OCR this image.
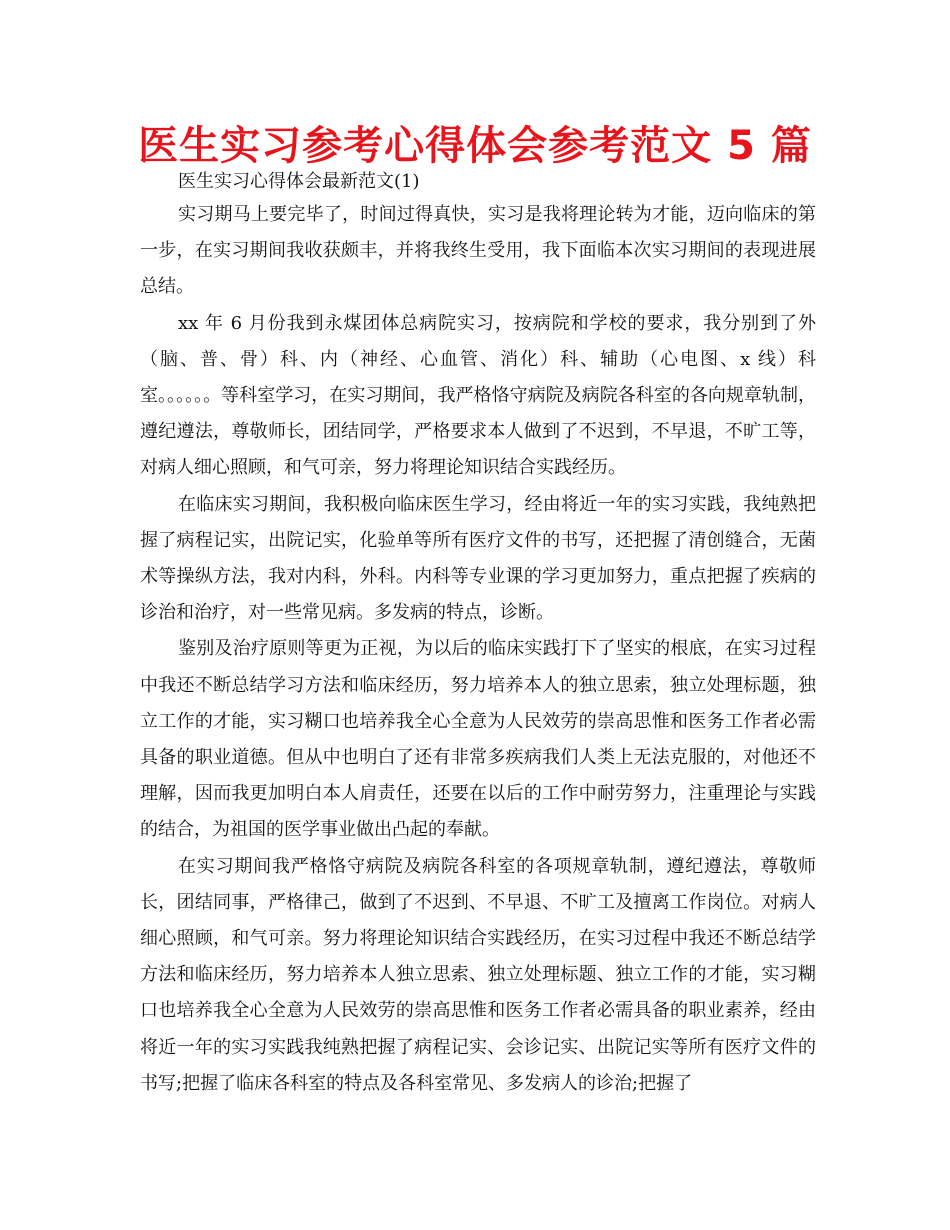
医生实习参考心得体会参考范文 5 篇

医生实习心得体会最新范文(1)

实习期马上要完毕了，时间过得真快，实习是我将理论转为才能，迈向临床的第一步，在实习期间我收获颇丰，并将我终生受用，我下面临本次实习期间的表现进展总结。

xx 年 6 月份我到永煤团体总病院实习，按病院和学校的要求，我分别到了外（脑、普、骨）科、内（神经、心血管、消化）科、辅助（心电图、x 线）科室。。。。。。等科室学习，在实习期间，我严格恪守病院及病院各科室的各向规章轨制，遵纪遵法，尊敬师长，团结同学，严格要求本人做到了不迟到，不早退，不旷工等，对病人细心照顾，和气可亲，努力将理论知识结合实践经历。

在临床实习期间，我积极向临床医生学习，经由将近一年的实习实践，我纯熟把握了病程记实，出院记实，化验单等所有医疗文件的书写，还把握了清创缝合，无菌术等操纵方法，我对内科，外科。内科等专业课的学习更加努力，重点把握了疾病的诊治和治疗，对一些常见病。多发病的特点，诊断。

鉴别及治疗原则等更为正视，为以后的临床实践打下了坚实的根底，在实习过程中我还不断总结学习方法和临床经历，努力培养本人的独立思索，独立处理标题，独立工作的才能，实习糊口也培养我全心全意为人民效劳的崇高思惟和医务工作者必需具备的职业道德。但从中也明白了还有非常多疾病我们人类上无法克服的，对他还不理解，因而我更加明白本人肩责任，还要在以后的工作中耐劳努力，注重理论与实践的结合，为祖国的医学事业做出凸起的奉献。

在实习期间我严格恪守病院及病院各科室的各项规章轨制，遵纪遵法，尊敬师长，团结同事，严格律己，做到了不迟到、不早退、不旷工及擅离工作岗位。对病人细心照顾，和气可亲。努力将理论知识结合实践经历，在实习过程中我还不断总结学方法和临床经历，努力培养本人独立思索、独立处理标题、独立工作的才能，实习糊口也培养我全心全意为人民效劳的崇高思惟和医务工作者必需具备的职业素养，经由将近一年的实习实践我纯熟把握了病程记实、会诊记实、出院记实等所有医疗文件的书写;把握了临床各科室的特点及各科室常见、多发病人的诊治;把握了
